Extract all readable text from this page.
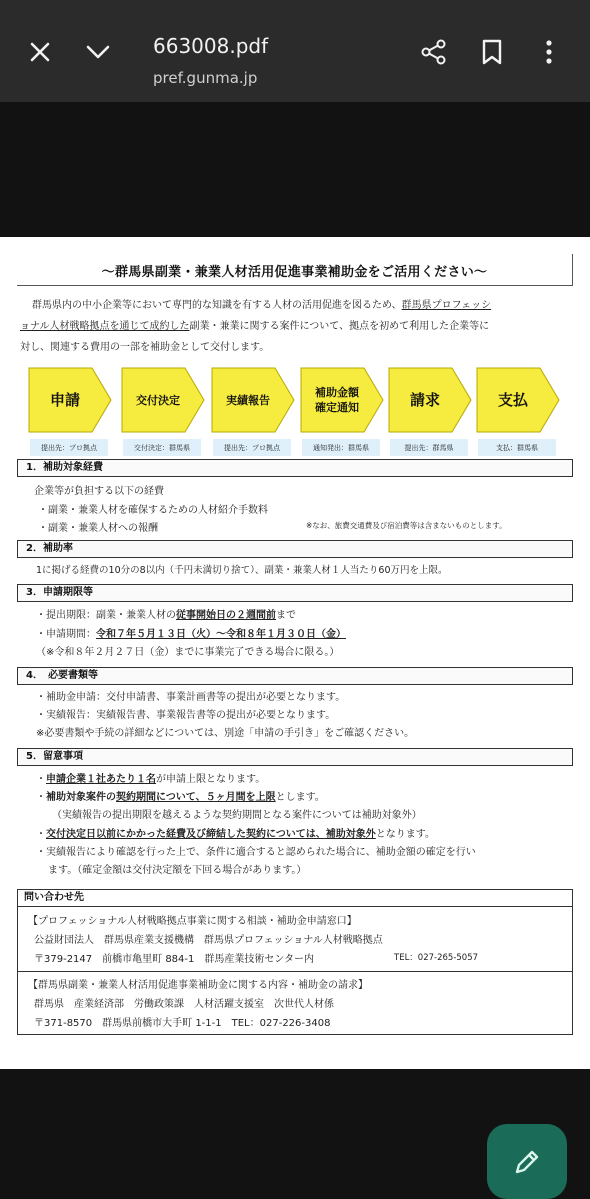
663008.pdf
pref.gunma.jp
～群馬県副業・兼業人材活用促進事業補助金をご活用ください～
群馬県内の中小企業等において専門的な知識を有する人材の活用促進を図るため、群馬県プロフェッシ
ョナル人材戦略拠点を通じて成約した副業・兼業に関する案件について、拠点を初めて利用した企業等に
対し、関連する費用の一部を補助金として交付します。
申請
提出先：プロ拠点
交付決定
交付決定：群馬県
実績報告
提出先：プロ拠点
補助金額 確定通知
通知発出：群馬県
請求
提出先：群馬県
支払
支払：群馬県
1．補助対象経費
企業等が負担する以下の経費
・副業・兼業人材を確保するための人材紹介手数料
・副業・兼業人材への報酬	※なお、旅費交通費及び宿泊費等は含まないものとします。
2．補助率
1に掲げる経費の10分の8以内（千円未満切り捨て）、副業・兼業人材１人当たり60万円を上限。
3．申請期限等
・提出期限：副業・兼業人材の従事開始日の２週間前まで
・申請期間：令和７年５月１３日（火）～令和８年１月３０日（金）
（※令和８年２月２７日（金）までに事業完了できる場合に限る。）
4．　必要書類等
・補助金申請：交付申請書、事業計画書等の提出が必要となります。
・実績報告：実績報告書、事業報告書等の提出が必要となります。
※必要書類や手続の詳細などについては、別途「申請の手引き」をご確認ください。
5．留意事項
・申請企業１社あたり１名が申請上限となります。
・補助対象案件の契約期間について、５ヶ月間を上限とします。
（実績報告の提出期限を越えるような契約期間となる案件については補助対象外）
・交付決定日以前にかかった経費及び締結した契約については、補助対象外となります。
・実績報告により確認を行った上で、条件に適合すると認められた場合に、補助金額の確定を行い
ます。（確定金額は交付決定額を下回る場合があります。）
問い合わせ先
【プロフェッショナル人材戦略拠点事業に関する相談・補助金申請窓口】
公益財団法人　群馬県産業支援機構　群馬県プロフェッショナル人材戦略拠点
〒379-2147　前橋市亀里町 884-1　群馬産業技術センター内	TEL：027-265-5057
【群馬県副業・兼業人材活用促進事業補助金に関する内容・補助金の請求】
群馬県　産業経済部　労働政策課　人材活躍支援室　次世代人材係
〒371-8570　群馬県前橋市大手町 1-1-1　TEL：027-226-3408
